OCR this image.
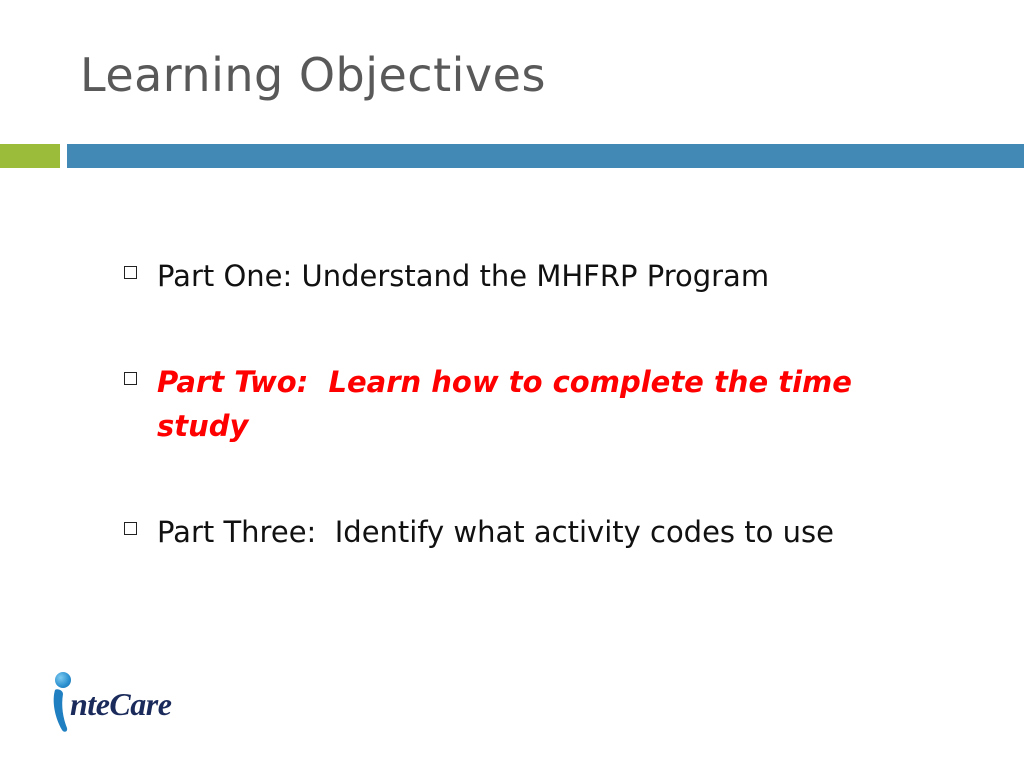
Learning Objectives
Part One: Understand the MHFRP Program
Part Two:  Learn how to complete the time study
Part Three:  Identify what activity codes to use
nteCare
